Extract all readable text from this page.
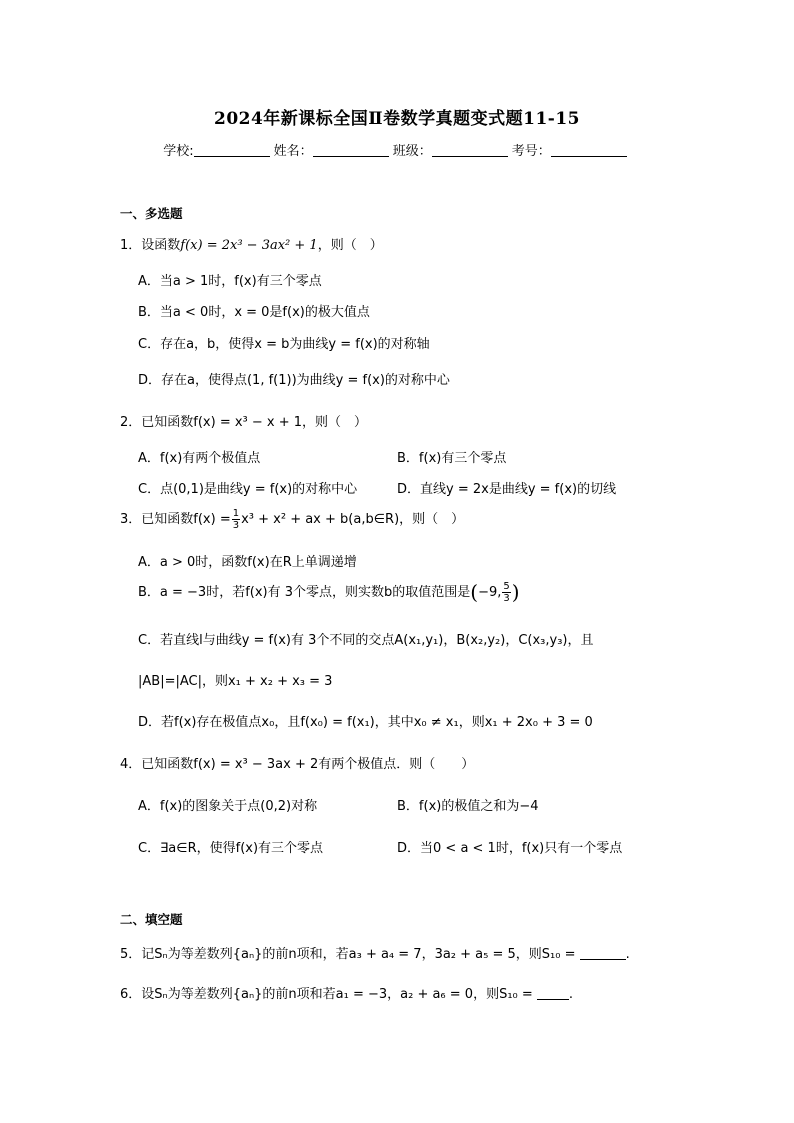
2024年新课标全国Ⅱ卷数学真题变式题11-15
学校:	姓名：	班级：	考号：
一、多选题
1．设函数f(x) = 2x³ − 3ax² + 1，则（　）
A．当a > 1时，f(x)有三个零点
B．当a < 0时，x = 0是f(x)的极大值点
C．存在a，b，使得x = b为曲线y = f(x)的对称轴
D．存在a，使得点(1, f(1))为曲线y = f(x)的对称中心
2．已知函数f(x) = x³ − x + 1，则（　）
A．f(x)有两个极值点	B．f(x)有三个零点
C．点(0,1)是曲线y = f(x)的对称中心	D．直线y = 2x是曲线y = f(x)的切线
3．已知函数$f(x) = \frac{1}{3} x^3 + x^2$ + ax + b(a,b∈R)，则（　）
A．a > 0时，函数f(x)在R上单调递增
B．a = −3时，若f(x)有 3个零点，则实数b的取值范围是(−9, $\frac{5}{3}$ )
C．若直线l与曲线y = f(x)有 3个不同的交点A(x₁,y₁)，B(x₂,y₂)，C(x₃,y₃)，且
|AB|=|AC|，则x₁ + x₂ + x₃ = 3
D．若f(x)存在极值点x₀，且f(x₀) = f(x₁)，其中x₀ ≠ x₁，则x₁ + 2x₀ + 3 = 0
4．已知函数f(x) = x³ − 3ax + 2有两个极值点．则（　　）
A．f(x)的图象关于点(0,2)对称	B．f(x)的极值之和为−4
C．∃a∈R，使得f(x)有三个零点	D．当0 < a < 1时，f(x)只有一个零点
二、填空题
5．记Sₙ为等差数列{aₙ}的前n项和，若a₃ + a₄ = 7，3a₂ + a₅ = 5，则S₁₀ =	.
6．设Sₙ为等差数列{aₙ}的前n项和若a₁ = −3，a₂ + a₆ = 0，则S₁₀ = .
